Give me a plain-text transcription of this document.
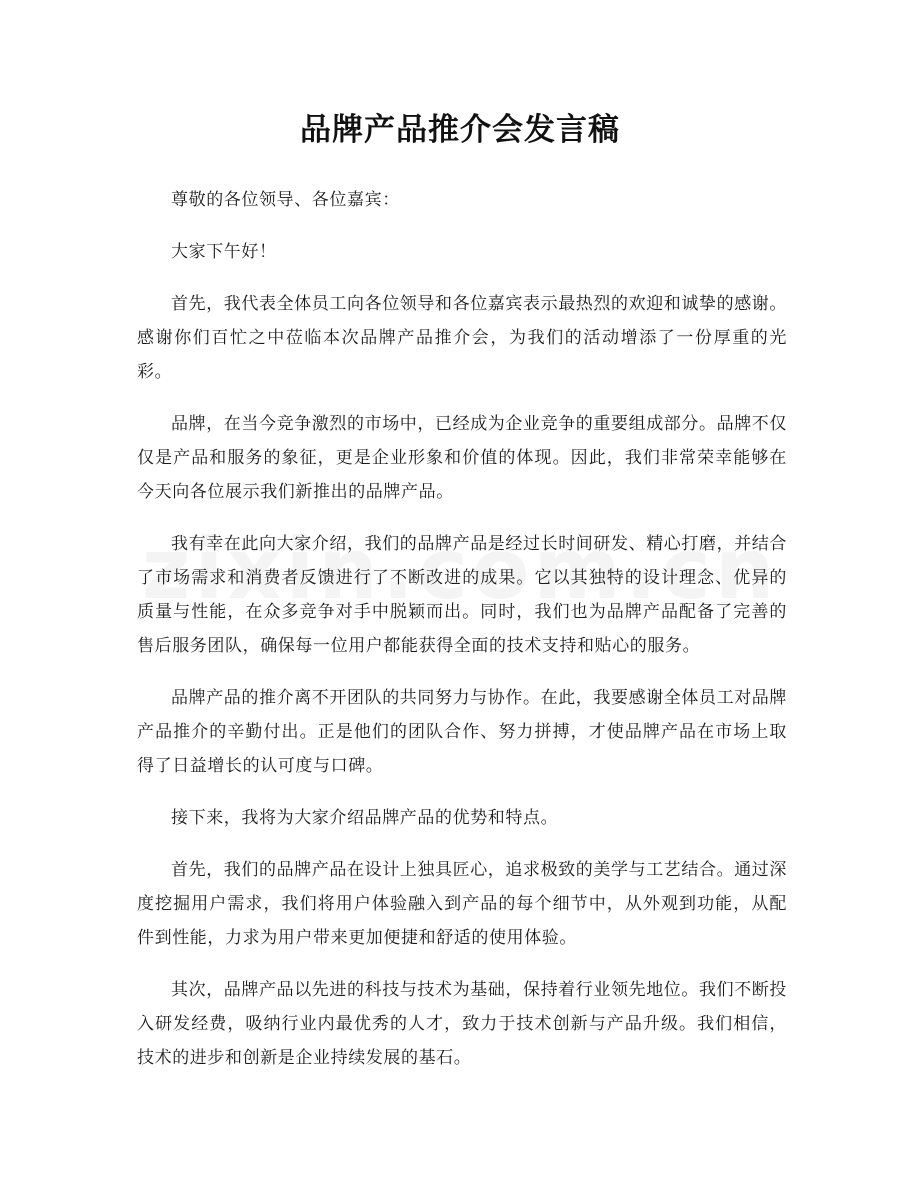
品牌产品推介会发言稿

尊敬的各位领导、各位嘉宾：

大家下午好！

首先，我代表全体员工向各位领导和各位嘉宾表示最热烈的欢迎和诚挚的感谢。感谢你们百忙之中莅临本次品牌产品推介会，为我们的活动增添了一份厚重的光彩。

品牌，在当今竞争激烈的市场中，已经成为企业竞争的重要组成部分。品牌不仅仅是产品和服务的象征，更是企业形象和价值的体现。因此，我们非常荣幸能够在今天向各位展示我们新推出的品牌产品。

我有幸在此向大家介绍，我们的品牌产品是经过长时间研发、精心打磨，并结合了市场需求和消费者反馈进行了不断改进的成果。它以其独特的设计理念、优异的质量与性能，在众多竞争对手中脱颖而出。同时，我们也为品牌产品配备了完善的售后服务团队，确保每一位用户都能获得全面的技术支持和贴心的服务。

品牌产品的推介离不开团队的共同努力与协作。在此，我要感谢全体员工对品牌产品推介的辛勤付出。正是他们的团队合作、努力拼搏，才使品牌产品在市场上取得了日益增长的认可度与口碑。

接下来，我将为大家介绍品牌产品的优势和特点。

首先，我们的品牌产品在设计上独具匠心，追求极致的美学与工艺结合。通过深度挖掘用户需求，我们将用户体验融入到产品的每个细节中，从外观到功能，从配件到性能，力求为用户带来更加便捷和舒适的使用体验。

其次，品牌产品以先进的科技与技术为基础，保持着行业领先地位。我们不断投入研发经费，吸纳行业内最优秀的人才，致力于技术创新与产品升级。我们相信，技术的进步和创新是企业持续发展的基石。
